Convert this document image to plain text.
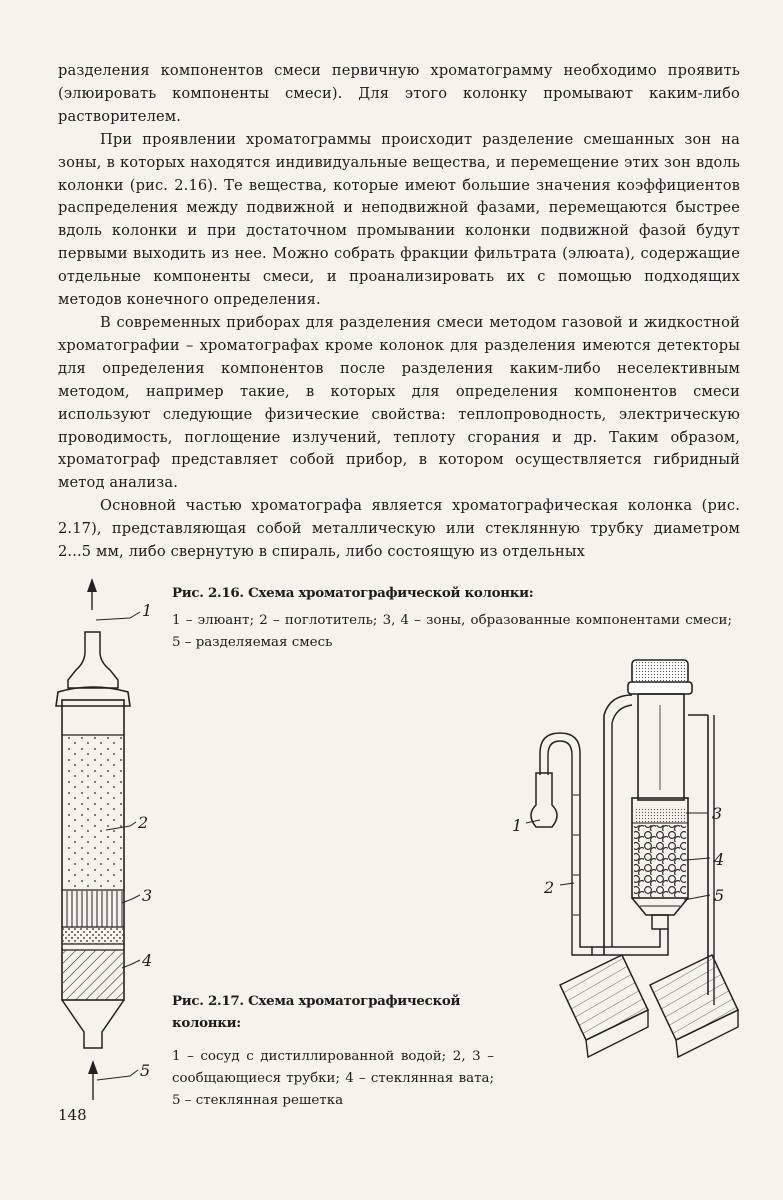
разделения компонентов смеси первичную хроматограмму необходимо проявить (элюировать компоненты смеси). Для этого колонку промывают каким-либо растворителем.

При проявлении хроматограммы происходит разделение смешанных зон на зоны, в которых находятся индивидуальные вещества, и перемещение этих зон вдоль колонки (рис. 2.16). Те вещества, которые имеют большие значения коэффициентов распределения между подвижной и неподвижной фазами, перемещаются быстрее вдоль колонки и при достаточном промывании колонки подвижной фазой будут первыми выходить из нее. Можно собрать фракции фильтрата (элюата), содержащие отдельные компоненты смеси, и проанализировать их с помощью подходящих методов конечного определения.

В современных приборах для разделения смеси методом газовой и жидкостной хроматографии – хроматографах кроме колонок для разделения имеются детекторы для определения компонентов после разделения каким-либо неселективным методом, например такие, в которых для определения компонентов смеси используют следующие физические свойства: теплопроводность, электрическую проводимость, поглощение излучений, теплоту сгорания и др. Таким образом, хроматограф представляет собой прибор, в котором осуществляется гибридный метод анализа.

Основной частью хроматографа является хроматографическая колонка (рис. 2.17), представляющая собой металлическую или стеклянную трубку диаметром 2...5 мм, либо свернутую в спираль, либо состоящую из отдельных

1
2
3
4
5
Рис. 2.16. Схема хроматографической колонки:
1 – элюант; 2 – поглотитель; 3, 4 – зоны, образованные компонентами смеси; 5 – разделяемая смесь
1
2
3
4
5
Рис. 2.17. Схема хроматографической колонки:
1 – сосуд с дистиллированной водой; 2, 3 – сообщающиеся трубки; 4 – стеклянная вата; 5 – стеклянная решетка
148
